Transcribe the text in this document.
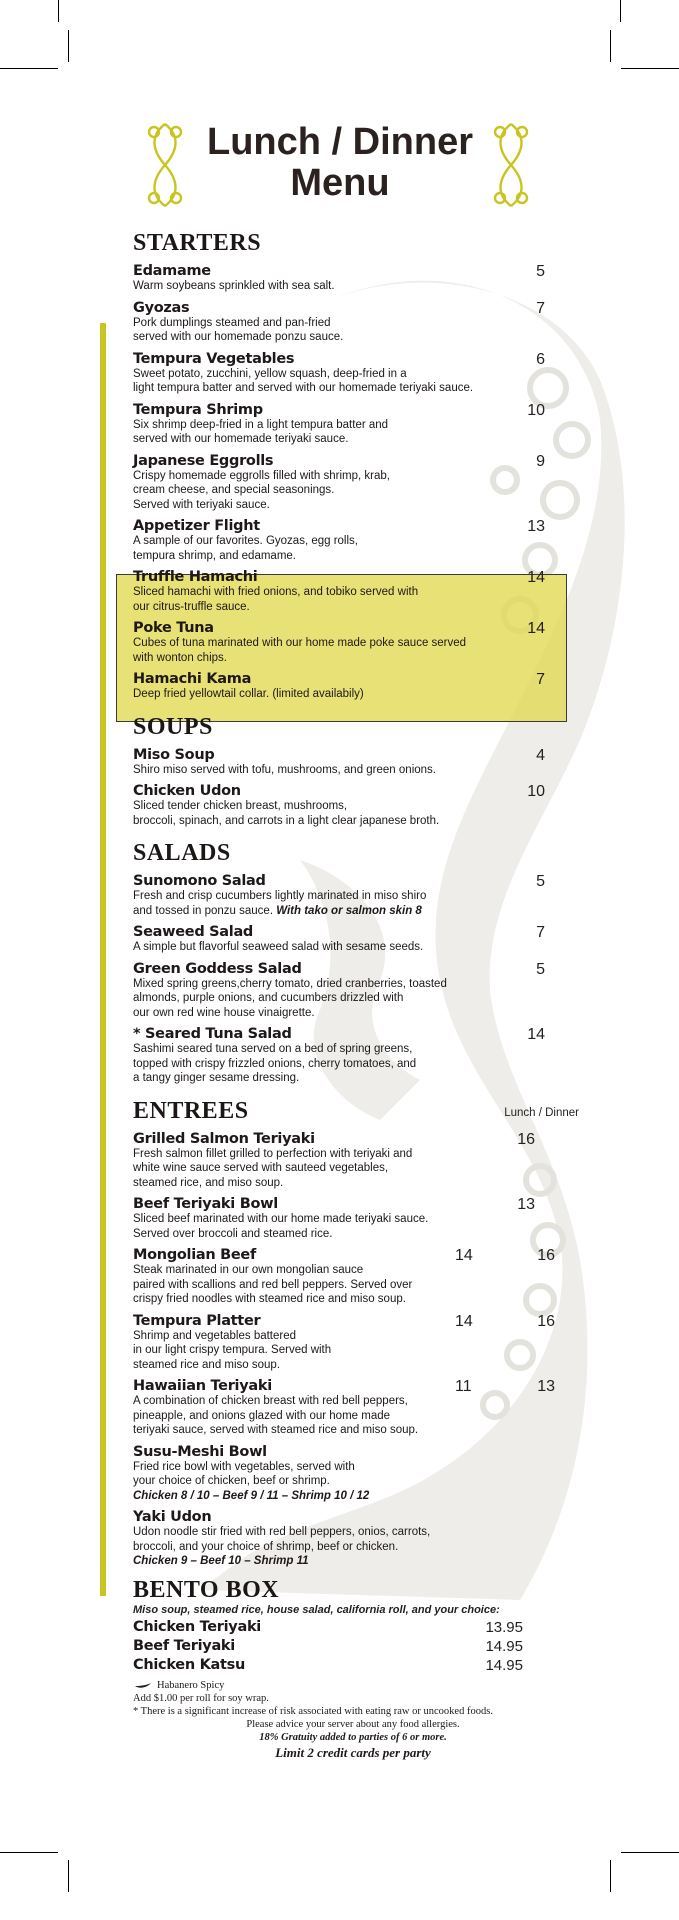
Lunch / Dinner
Menu
STARTERS
Edamame	5
Warm soybeans sprinkled with sea salt.
Gyozas	7
Pork dumplings steamed and pan-fried
served with our homemade ponzu sauce.
Tempura Vegetables	6
Sweet potato, zucchini, yellow squash, deep-fried in a
light tempura batter and served with our homemade teriyaki sauce.
Tempura Shrimp	10
Six shrimp deep-fried in a light tempura batter and
served with our homemade teriyaki sauce.
Japanese Eggrolls	9
Crispy homemade eggrolls filled with shrimp, krab,
cream cheese, and special seasonings.
Served with teriyaki sauce.
Appetizer Flight	13
A sample of our favorites. Gyozas, egg rolls,
tempura shrimp, and edamame.
Truffle Hamachi	14
Sliced hamachi with fried onions, and tobiko served with
our citrus-truffle sauce.
Poke Tuna	14
Cubes of tuna marinated with our home made poke sauce served
with wonton chips.
Hamachi Kama	7
Deep fried yellowtail collar. (limited availabily)
SOUPS
Miso Soup	4
Shiro miso served with tofu, mushrooms, and green onions.
Chicken Udon	10
Sliced tender chicken breast, mushrooms,
broccoli, spinach, and carrots in a light clear japanese broth.
SALADS
Sunomono Salad	5
Fresh and crisp cucumbers lightly marinated in miso shiro
and tossed in ponzu sauce. With tako or salmon skin 8
Seaweed Salad	7
A simple but flavorful seaweed salad with sesame seeds.
Green Goddess Salad	5
Mixed spring greens,cherry tomato, dried cranberries, toasted
almonds, purple onions, and cucumbers drizzled with
our own red wine house vinaigrette.
* Seared Tuna Salad	14
Sashimi seared tuna served on a bed of spring greens,
topped with crispy frizzled onions, cherry tomatoes, and
a tangy ginger sesame dressing.
ENTREES	Lunch / Dinner
Grilled Salmon Teriyaki	16
Fresh salmon fillet grilled to perfection with teriyaki and
white wine sauce served with sauteed vegetables,
steamed rice, and miso soup.
Beef Teriyaki Bowl	13
Sliced beef marinated with our home made teriyaki sauce.
Served over broccoli and steamed rice.
Mongolian Beef	14	16
Steak marinated in our own mongolian sauce
paired with scallions and red bell peppers. Served over
crispy fried noodles with steamed rice and miso soup.
Tempura Platter	14	16
Shrimp and vegetables battered
in our light crispy tempura. Served with
steamed rice and miso soup.
Hawaiian Teriyaki	11	13
A combination of chicken breast with red bell peppers,
pineapple, and onions glazed with our home made
teriyaki sauce, served with steamed rice and miso soup.
Susu-Meshi Bowl
Fried rice bowl with vegetables, served with
your choice of chicken, beef or shrimp.
Chicken 8 / 10 – Beef 9 / 11 – Shrimp 10 / 12
Yaki Udon
Udon noodle stir fried with red bell peppers, onios, carrots,
broccoli, and your choice of shrimp, beef or chicken.
Chicken 9 – Beef 10 – Shrimp 11
BENTO BOX
Miso soup, steamed rice, house salad, california roll, and your choice:
Chicken Teriyaki	13.95
Beef Teriyaki	14.95
Chicken Katsu	14.95
Habanero Spicy
Add $1.00 per roll for soy wrap.
* There is a significant increase of risk associated with eating raw or uncooked foods.
Please advice your server about any food allergies.
18% Gratuity added to parties of 6 or more.
Limit 2 credit cards per party
